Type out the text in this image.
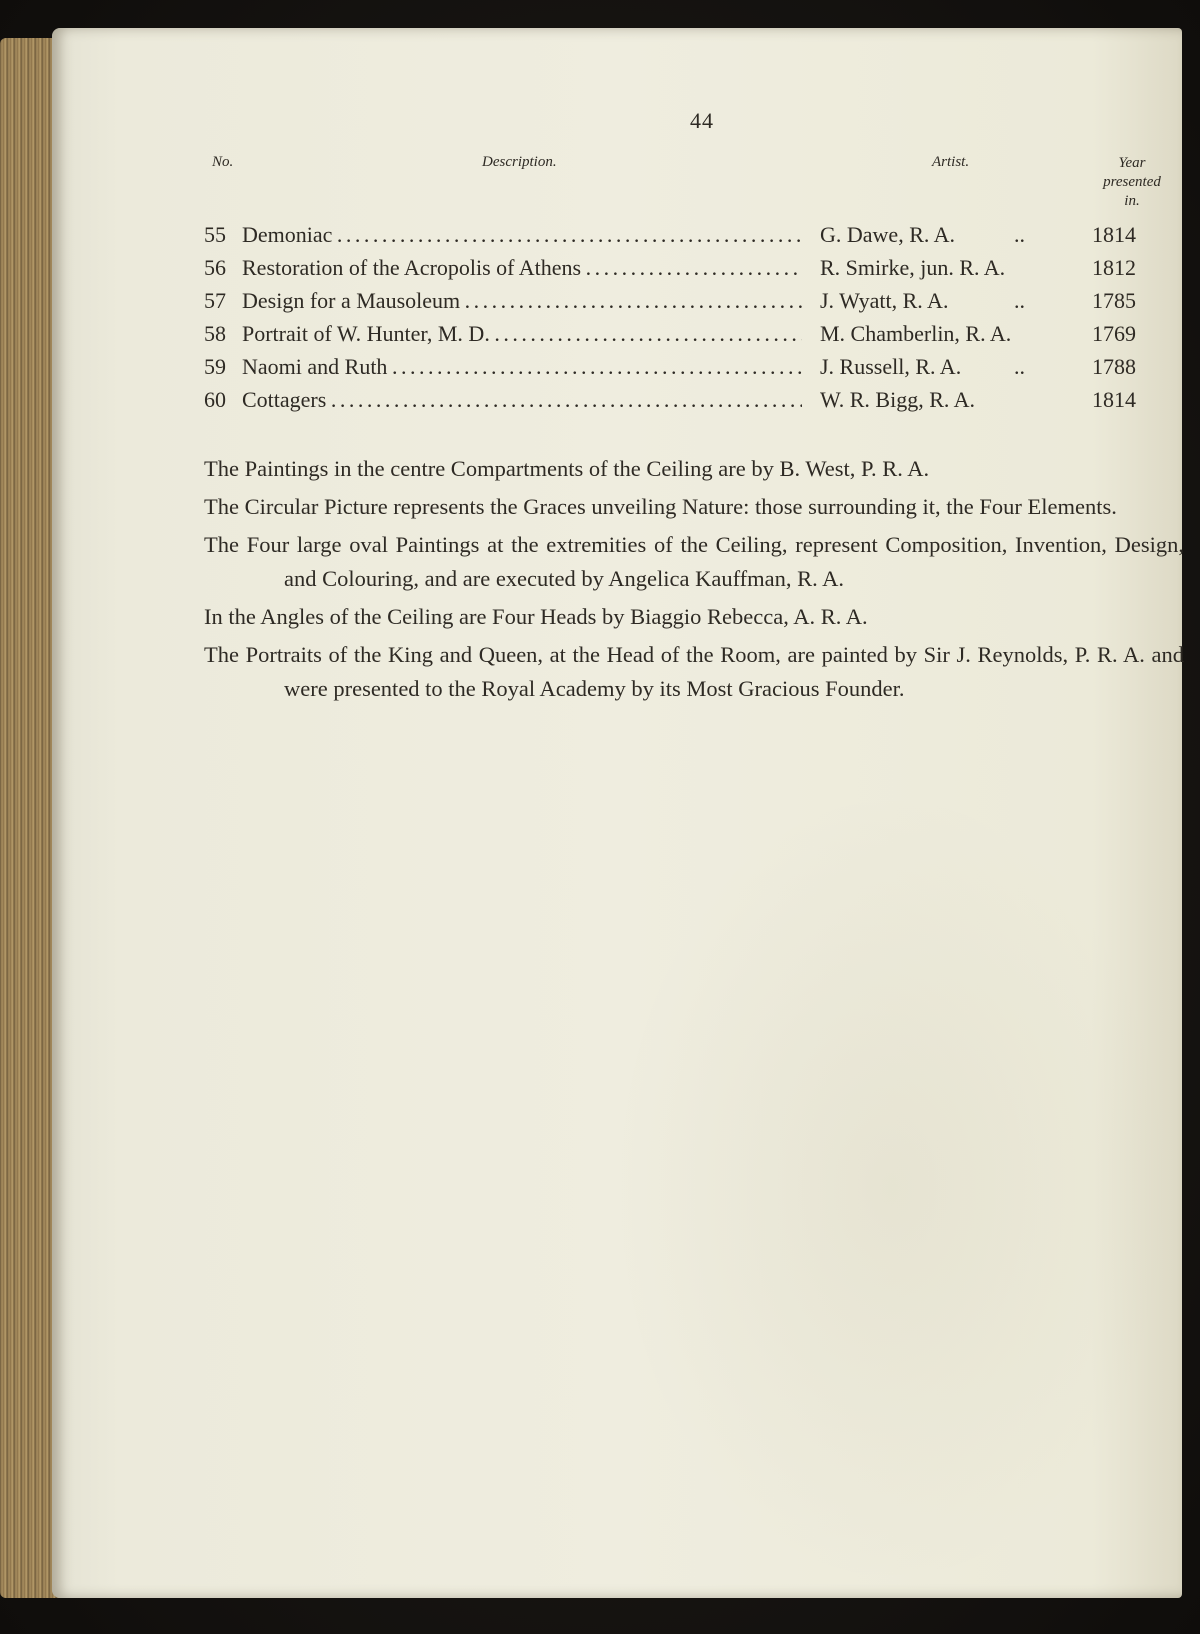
44
No.	Description.	Artist.	Year
presented in.
55 Demoniac . . .	G. Dawe, R. A.	..	1814
56 Restoration of the Acropolis of Athens . . .	R. Smirke, jun. R. A.	1812
57 Design for a Mausoleum . . .	J. Wyatt, R. A.	..	1785
58 Portrait of W. Hunter, M. D. . . .	M. Chamberlin, R. A.	1769
59 Naomi and Ruth . . .	J. Russell, R. A.	..	1788
60 Cottagers . . .	W. R. Bigg, R. A.	1814

The Paintings in the centre Compartments of the Ceiling are by B. West, P. R. A.

The Circular Picture represents the Graces unveiling Nature: those surrounding it, the Four Elements.

The Four large oval Paintings at the extremities of the Ceiling, represent Composition, Invention, Design, and Colouring, and are executed by Angelica Kauffman, R. A.

In the Angles of the Ceiling are Four Heads by Biaggio Rebecca, A. R. A.

The Portraits of the King and Queen, at the Head of the Room, are painted by Sir J. Reynolds, P. R. A. and were presented to the Royal Academy by its Most Gracious Founder.
